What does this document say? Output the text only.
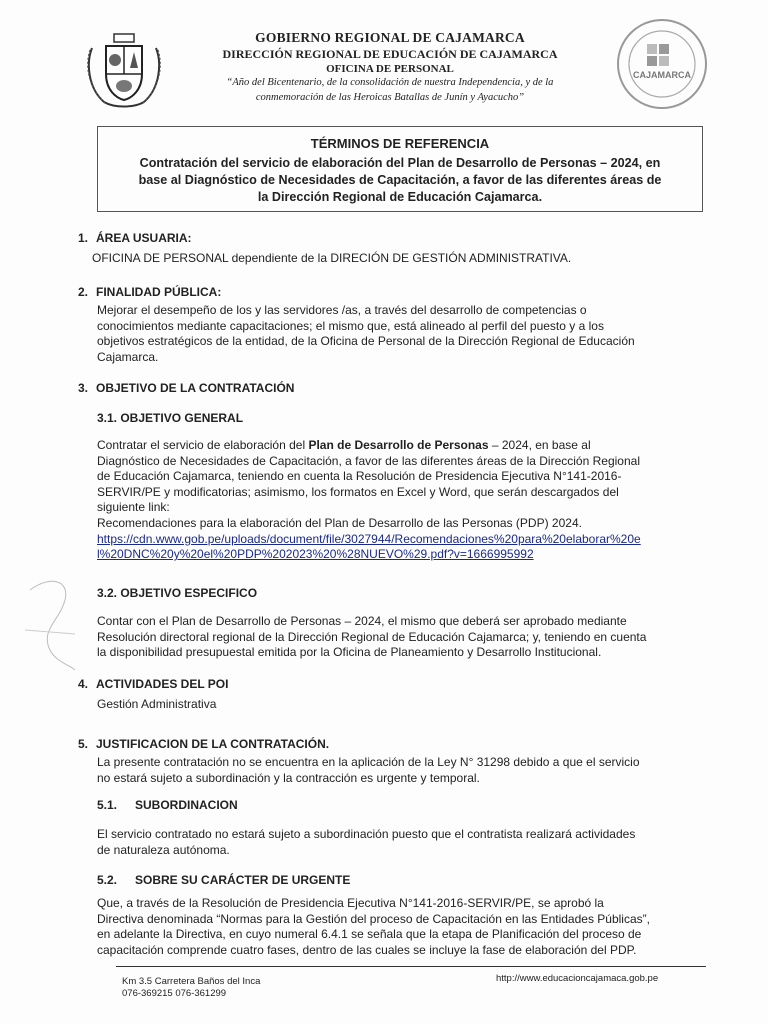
GOBIERNO REGIONAL DE CAJAMARCA
DIRECCIÓN REGIONAL DE EDUCACIÓN DE CAJAMARCA
OFICINA DE PERSONAL
“Año del Bicentenario, de la consolidación de nuestra Independencia, y de la
conmemoración de las Heroicas Batallas de Junín y Ayacucho”
CAJAMARCA
TÉRMINOS DE REFERENCIA
Contratación del servicio de elaboración del Plan de Desarrollo de Personas – 2024, en
base al Diagnóstico de Necesidades de Capacitación, a favor de las diferentes áreas de
la Dirección Regional de Educación Cajamarca.
1. ÁREA USUARIA:
OFICINA DE PERSONAL dependiente de la DIRECIÓN DE GESTIÓN ADMINISTRATIVA.
2. FINALIDAD PÚBLICA:
Mejorar el desempeño de los y las servidores /as, a través del desarrollo de competencias o
conocimientos mediante capacitaciones; el mismo que, está alineado al perfil del puesto y a los
objetivos estratégicos de la entidad, de la Oficina de Personal de la Dirección Regional de Educación
Cajamarca.
3. OBJETIVO DE LA CONTRATACIÓN
3.1. OBJETIVO GENERAL
Contratar el servicio de elaboración del Plan de Desarrollo de Personas – 2024, en base al
Diagnóstico de Necesidades de Capacitación, a favor de las diferentes áreas de la Dirección Regional
de Educación Cajamarca, teniendo en cuenta la Resolución de Presidencia Ejecutiva N°141-2016-
SERVIR/PE y modificatorias; asimismo, los formatos en Excel y Word, que serán descargados del
siguiente link:
Recomendaciones para la elaboración del Plan de Desarrollo de las Personas (PDP) 2024.
https://cdn.www.gob.pe/uploads/document/file/3027944/Recomendaciones%20para%20elaborar%20e
l%20DNC%20y%20el%20PDP%202023%20%28NUEVO%29.pdf?v=1666995992
3.2. OBJETIVO ESPECIFICO
Contar con el Plan de Desarrollo de Personas – 2024, el mismo que deberá ser aprobado mediante
Resolución directoral regional de la Dirección Regional de Educación Cajamarca; y, teniendo en cuenta
la disponibilidad presupuestal emitida por la Oficina de Planeamiento y Desarrollo Institucional.
4. ACTIVIDADES DEL POI
Gestión Administrativa
5. JUSTIFICACION DE LA CONTRATACIÓN.
La presente contratación no se encuentra en la aplicación de la Ley N° 31298 debido a que el servicio
no estará sujeto a subordinación y la contracción es urgente y temporal.
5.1. SUBORDINACION
El servicio contratado no estará sujeto a subordinación puesto que el contratista realizará actividades
de naturaleza autónoma.
5.2. SOBRE SU CARÁCTER DE URGENTE
Que, a través de la Resolución de Presidencia Ejecutiva N°141-2016-SERVIR/PE, se aprobó la
Directiva denominada “Normas para la Gestión del proceso de Capacitación en las Entidades Públicas”,
en adelante la Directiva, en cuyo numeral 6.4.1 se señala que la etapa de Planificación del proceso de
capacitación comprende cuatro fases, dentro de las cuales se incluye la fase de elaboración del PDP.
Km 3.5 Carretera Baños del Inca
076-369215 076-361299
http://www.educacioncajamaca.gob.pe
